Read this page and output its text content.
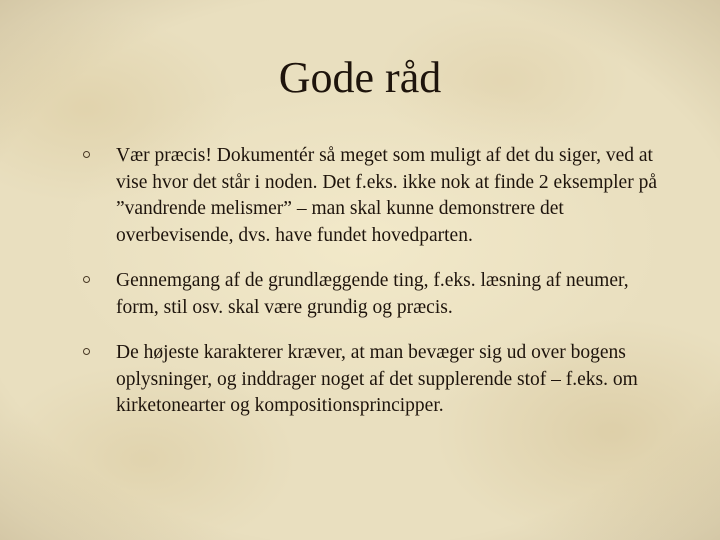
Gode råd
Vær præcis! Dokumentér så meget som muligt af det du siger, ved at vise hvor det står i noden. Det f.eks. ikke nok at finde 2 eksempler på ”vandrende melismer” – man skal kunne demonstrere det overbevisende, dvs. have fundet hovedparten.
Gennemgang af de grundlæggende ting, f.eks. læsning af neumer, form, stil osv. skal være grundig og præcis.
De højeste karakterer kræver, at man bevæger sig ud over bogens oplysninger, og inddrager noget af det supplerende stof – f.eks. om kirketonearter og kompositionsprincipper.
